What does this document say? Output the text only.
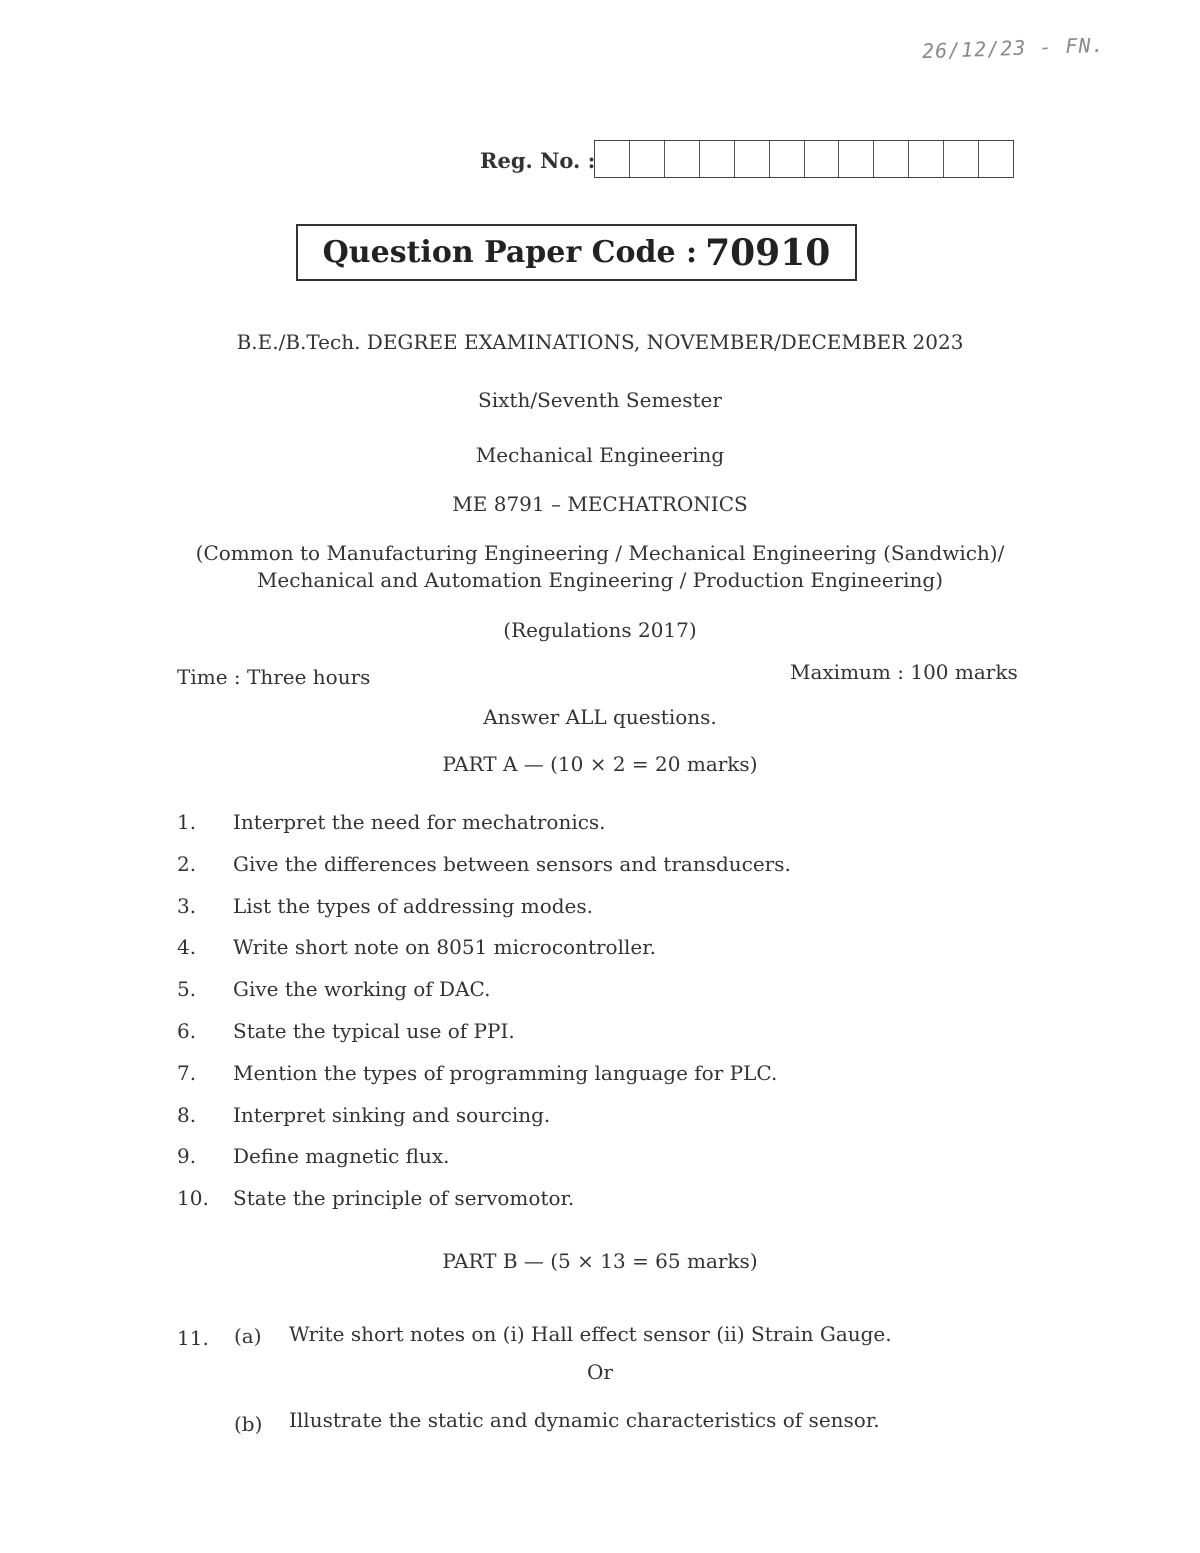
26/12/23 - FN.
Reg. No. :
Question Paper Code : 70910
B.E./B.Tech. DEGREE EXAMINATIONS, NOVEMBER/DECEMBER 2023
Sixth/Seventh Semester
Mechanical Engineering
ME 8791 – MECHATRONICS
(Common to Manufacturing Engineering / Mechanical Engineering (Sandwich)/
Mechanical and Automation Engineering / Production Engineering)
(Regulations 2017)
Time : Three hours	Maximum : 100 marks
Answer ALL questions.
PART A — (10 × 2 = 20 marks)
1.	Interpret the need for mechatronics.
2.	Give the differences between sensors and transducers.
3.	List the types of addressing modes.
4.	Write short note on 8051 microcontroller.
5.	Give the working of DAC.
6.	State the typical use of PPI.
7.	Mention the types of programming language for PLC.
8.	Interpret sinking and sourcing.
9.	Define magnetic flux.
10.	State the principle of servomotor.
PART B — (5 × 13 = 65 marks)
11. (a) Write short notes on (i) Hall effect sensor (ii) Strain Gauge.
Or
(b) Illustrate the static and dynamic characteristics of sensor.
